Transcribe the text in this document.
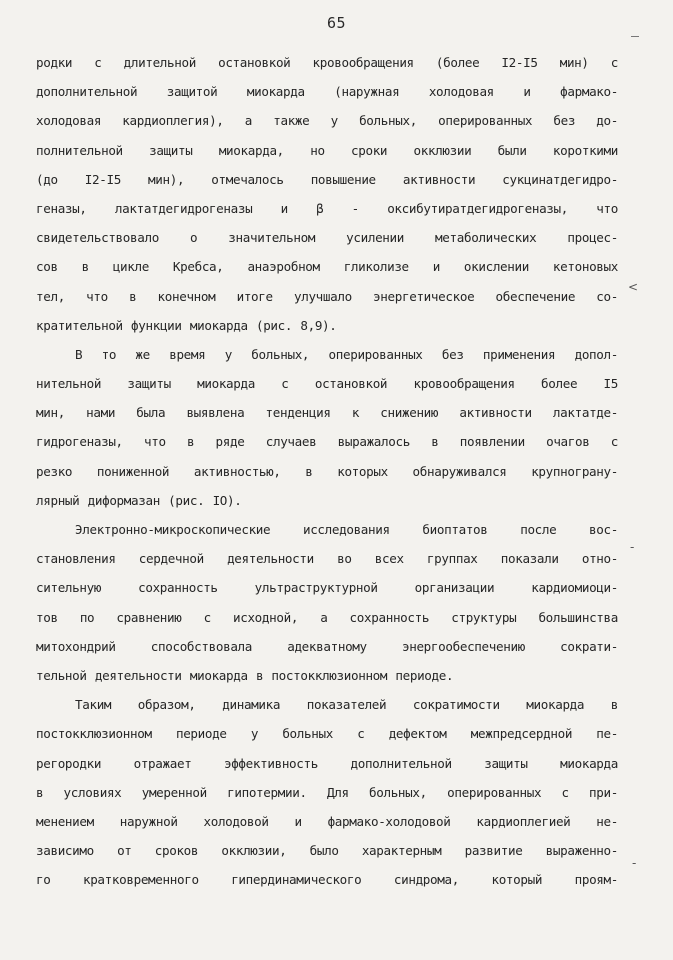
65
родки с длительной остановкой кровообращения (более I2-I5 мин) с
дополнительной защитой миокарда (наружная холодовая и фармако-
холодовая кардиоплегия), а также у больных, оперированных без до-
полнительной защиты миокарда, но сроки окклюзии были короткими
(до I2-I5 мин), отмечалось повышение активности сукцинатдегидро-
геназы, лактатдегидрогеназы и β - оксибутиратдегидрогеназы, что
свидетельствовало о значительном усилении метаболических процес-
сов в цикле Кребса, анаэробном гликолизе и окислении кетоновых
тел, что в конечном итоге улучшало энергетическое обеспечение со-
кратительной функции миокарда (рис. 8,9).
В то же время у больных, оперированных без применения допол-
нительной защиты миокарда с остановкой кровообращения более I5
мин, нами была выявлена тенденция к снижению активности лактатде-
гидрогеназы, что в ряде случаев выражалось в появлении очагов с
резко пониженной активностью, в которых обнаруживался крупнограну-
лярный диформазан (рис. IO).
Электронно-микроскопические исследования биоптатов после вос-
становления сердечной деятельности во всех группах показали отно-
сительную сохранность ультраструктурной организации кардиомиоци-
тов по сравнению с исходной, а сохранность структуры большинства
митохондрий способствовала адекватному энергообеспечению сократи-
тельной деятельности миокарда в постокклюзионном периоде.
Таким образом, динамика показателей сократимости миокарда в
постокклюзионном периоде у больных с дефектом межпредсердной пе-
регородки отражает эффективность дополнительной защиты миокарда
в условиях умеренной гипотермии. Для больных, оперированных с при-
менением наружной холодовой и фармако-холодовой кардиоплегией не-
зависимо от сроков окклюзии, было характерным развитие выраженно-
го кратковременного гипердинамического синдрома, который проям-
<
-
-
